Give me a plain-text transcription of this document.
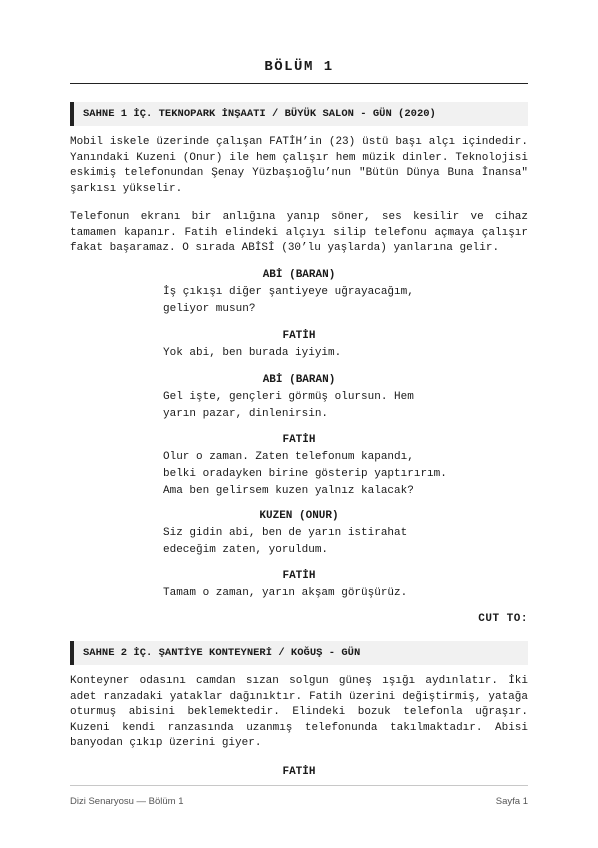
BÖLÜM 1
SAHNE 1 İÇ. TEKNOPARK İNŞAATI / BÜYÜK SALON - GÜN (2020)

Mobil iskele üzerinde çalışan FATİH’in (23) üstü başı alçı içindedir. Yanındaki Kuzeni (Onur) ile hem çalışır hem müzik dinler. Teknolojisi eskimiş telefonundan Şenay Yüzbaşıoğlu’nun "Bütün Dünya Buna İnansa" şarkısı yükselir.

Telefonun ekranı bir anlığına yanıp söner, ses kesilir ve cihaz tamamen kapanır. Fatih elindeki alçıyı silip telefonu açmaya çalışır fakat başaramaz. O sırada ABİSİ (30’lu yaşlarda) yanlarına gelir.

ABİ (BARAN)

İş çıkışı diğer şantiyeye uğrayacağım,

geliyor musun?

FATİH

Yok abi, ben burada iyiyim.

ABİ (BARAN)

Gel işte, gençleri görmüş olursun. Hem

yarın pazar, dinlenirsin.

FATİH

Olur o zaman. Zaten telefonum kapandı,

belki oradayken birine gösterip yaptırırım.

Ama ben gelirsem kuzen yalnız kalacak?

KUZEN (ONUR)

Siz gidin abi, ben de yarın istirahat

edeceğim zaten, yoruldum.

FATİH

Tamam o zaman, yarın akşam görüşürüz.

CUT TO:
SAHNE 2 İÇ. ŞANTİYE KONTEYNERİ / KOĞUŞ - GÜN

Konteyner odasını camdan sızan solgun güneş ışığı aydınlatır. İki adet ranzadaki yataklar dağınıktır. Fatih üzerini değiştirmiş, yatağa oturmuş abisini beklemektedir. Elindeki bozuk telefonla uğraşır. Kuzeni kendi ranzasında uzanmış telefonunda takılmaktadır. Abisi banyodan çıkıp üzerini giyer.

FATİH
Dizi Senaryosu — Bölüm 1	Sayfa 1
